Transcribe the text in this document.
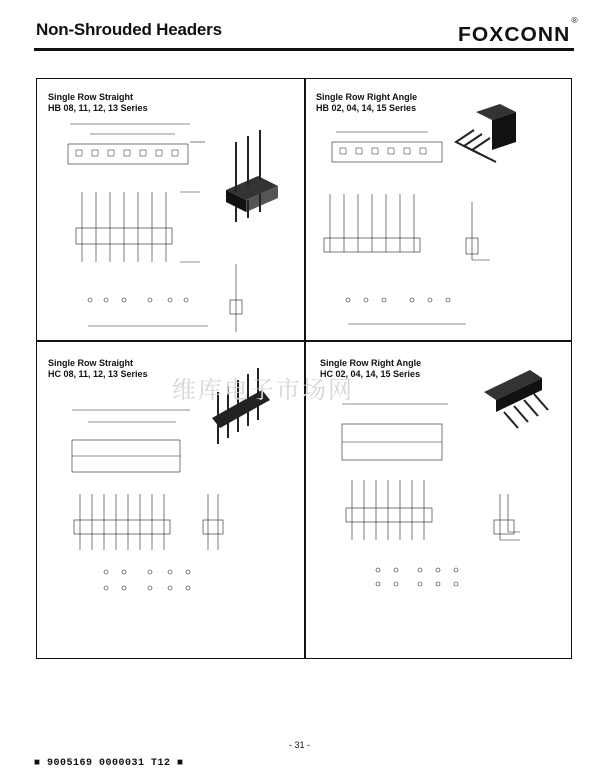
Non-Shrouded Headers	FOXCONN®
Single Row Straight
HB 08, 11, 12, 13 Series
Single Row Right Angle
HB 02, 04, 14, 15 Series
Single Row Straight
HC 08, 11, 12, 13 Series
Single Row Right Angle
HC 02, 04, 14, 15 Series
维库电子市场网
- 31 -
■ 9005169 0000031 T12 ■
